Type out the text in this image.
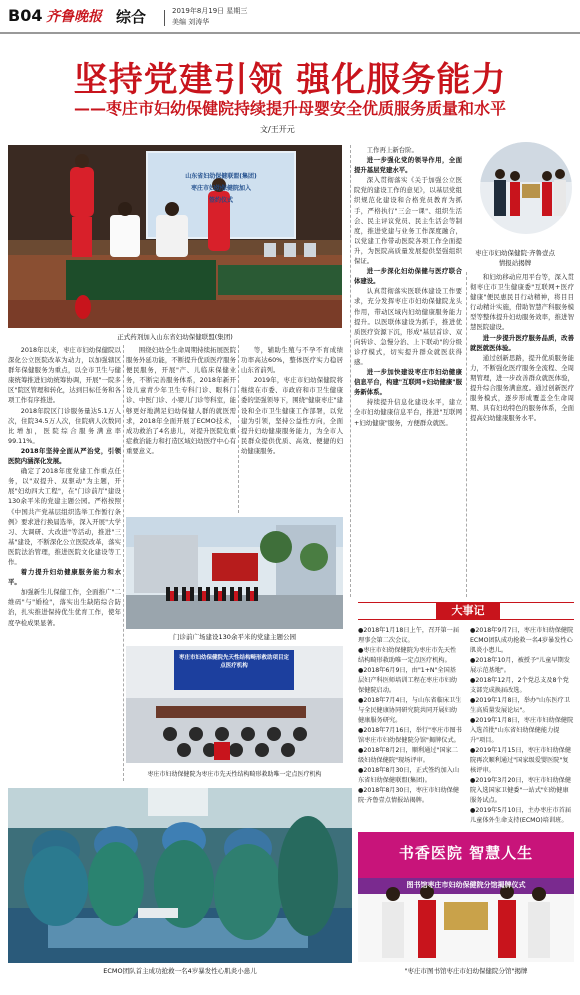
B04 齐鲁晚报 综合	2019年8月19日 星期三
美编 刘涛华
坚持党建引领 强化服务能力
——枣庄市妇幼保健院持续提升母婴安全优质服务质量和水平
文/王开元
山东省妇幼保健联盟(集团)
枣庄市妇幼保健院加入
签约仪式
正式药剂加入山东省妇幼保健联盟(集团)
枣庄市妇幼保健院·齐鲁壹点
情报站揭牌
门诊前广场建设130余平米的党建主题公园
枣庄市妇幼保健院先天性结构畸形救助项目定点医疗机构
枣庄市妇幼保健院为枣庄市先天性结构畸形救助唯一定点医疗机构
ECMO团队首主成功抢救一名4岁暴发性心肌炎小患儿
书香医院 智慧人生
图书馆枣庄市妇幼保健院分馆揭牌仪式
"枣庄市图书馆枣庄市妇幼保健院分馆"揭牌

2018年以来，枣庄市妇幼保健院以深化公立医院改革为动力，以加强辖区群年保健服务为重点，以全市卫生与健康统筹推进妇幼统筹协调，开展"一院多区"院区管理和转化，达到目标任务和各项工作有序推进。

2018年院区门诊服务量达5.1万人次，住院34.5万人次，住院病人次数同比增加，医院综合服务满意率99.11%。

2018年坚持全面从严治党，引领医院内涵深化发展。

确定了2018年度党建工作重点任务，以"双提升、双驱动"为主题，开展"妇幼四大工程"，在"门诊前厅"建设130余平米的党建主题公园。严格按照《中国共产党基层组织选举工作暂行条例》要求进行换届选举，深入开展"大学习、大调研、大改进"等活动，推进"三基"建设，不断深化公立医院改革，落实医院法治管理，推进医院文化建设等工作。

着力提升妇幼健康服务能力和水平。

加强新生儿保健工作，全面推广"二维码"与"婚检"，落实出生缺陷综合防治，扎实推进保持优生优育工作，使年度孕检成果显著。

围绕妇幼全生命周期持续拓展医院服务外延功能，不断提升优质医疗服务便民服务，开展"产、儿临床保健业务，不断完善服务体系，2018年新开设儿童青少年卫生专科门诊、眼科门诊、中医门诊、小婴儿门诊等科室，能够更好地满足妇幼保健人群的就医需求，2018年全面开展了ECMO技术，成功救治了4名患儿，对提升医院危重症救治能力和打造区域妇幼医疗中心有重要意义。

等，辅助生殖与不孕不育成绩功率高达60%，整体医疗实力稳居山东省前列。

2019年，枣庄市妇幼保健院将继续在市委、市政府和市卫生健康委的坚强领导下，围绕"健康枣庄"建设和全市卫生健康工作部署，以党建为引领，坚持公益性方向，全面提升妇幼健康服务能力，为全市人民群众提供优质、高效、便捷的妇幼健康服务。

工作再上新台阶。

进一步强化党的领导作用，全面提升基层党建水平。

深入贯彻落实《关于加强公立医院党的建设工作的意见》，以基层党组织规范化建设和合格党员教育为抓手，严格执行"三会一课"、组织生活会、民主评议党员、民主生活会等制度，推进党建与业务工作深度融合，以党建工作带动医院各项工作全面提升，为医院高质量发展提供坚强组织保证。

进一步深化妇幼保健与医疗联合体建设。

认真贯彻落实医联体建设工作要求，充分发挥枣庄市妇幼保健院龙头作用，带动区域内妇幼健康服务能力提升。以医联体建设为抓手，推进优质医疗资源下沉，形成"基层首诊、双向转诊、急慢分治、上下联动"的分级诊疗模式，切实提升群众就医获得感。

进一步加快建设枣庄市妇幼健康信息平台，构建"互联网+妇幼健康"服务新体系。

持续提升信息化建设水平，建立全市妇幼健康信息平台，推进"互联网+妇幼健康"服务，方便群众就医。

和妇幼移动应用平台等，深入贯彻枣庄市卫生健康委"互联网+医疗健康"便民惠民目行动精神，将目目行动精计实施，借助智慧产科服务模型等整体提升妇幼服务效率，推进智慧医院建设。

进一步提升医疗服务品质，改善就医就医体验。

通过创新思路，提升优质服务能力，不断强化医疗服务全流程、全周期管理，进一步改善群众就医体验，提升综合服务满意度。通过创新医疗服务模式，逐步形成覆盖全生命周期、具有妇幼特色的服务体系，全面提高妇幼健康服务水平。

大事记

●2018年1月18日上午，召开第一届理事会第二次会议。

●枣庄市妇幼保健院为枣庄市先天性结构畸形救助唯一定点医疗机构。

●2018年6月9日，由"1+N"全国基层妇产科医师培训工程在枣庄市妇幼保健院启动。

●2018年7月4日，与山东省临床卫生与全民健康协同研究院共同开展妇幼健康服务研究。

●2018年7月16日，举行"枣庄市图书馆枣庄市妇幼保健院分馆"揭牌仪式。

●2018年8月2日，顺利通过"国家二级妇幼保健院"现场评审。

●2018年8月30日，正式签约加入山东省妇幼保健联盟(集团)。

●2018年8月30日，枣庄市妇幼保健院·齐鲁壹点情报站揭牌。

●2018年9月7日，枣庄市妇幼保健院ECMO团队成功抢救一名4岁暴发性心肌炎小患儿。

●2018年10月，被授予"儿童早期发展示范基地"。

●2018年12月，2个党总支及8个党支部完成换届改选。

●2019年1月8日，举办"山东医疗卫生高质量发展论坛"。

●2019年1月8日，枣庄市妇幼保健院入选首批"山东省妇幼保健能力提升"项目。

●2019年1月15日，枣庄市妇幼保健院再次顺利通过"国家级爱婴医院"复核评审。

●2019年3月20日，枣庄市妇幼保健院入选国家卫健委"一站式"妇幼健康服务试点。

●2019年5月10日，主办枣庄市首届儿童体外生命支持(ECMO)培训班。
